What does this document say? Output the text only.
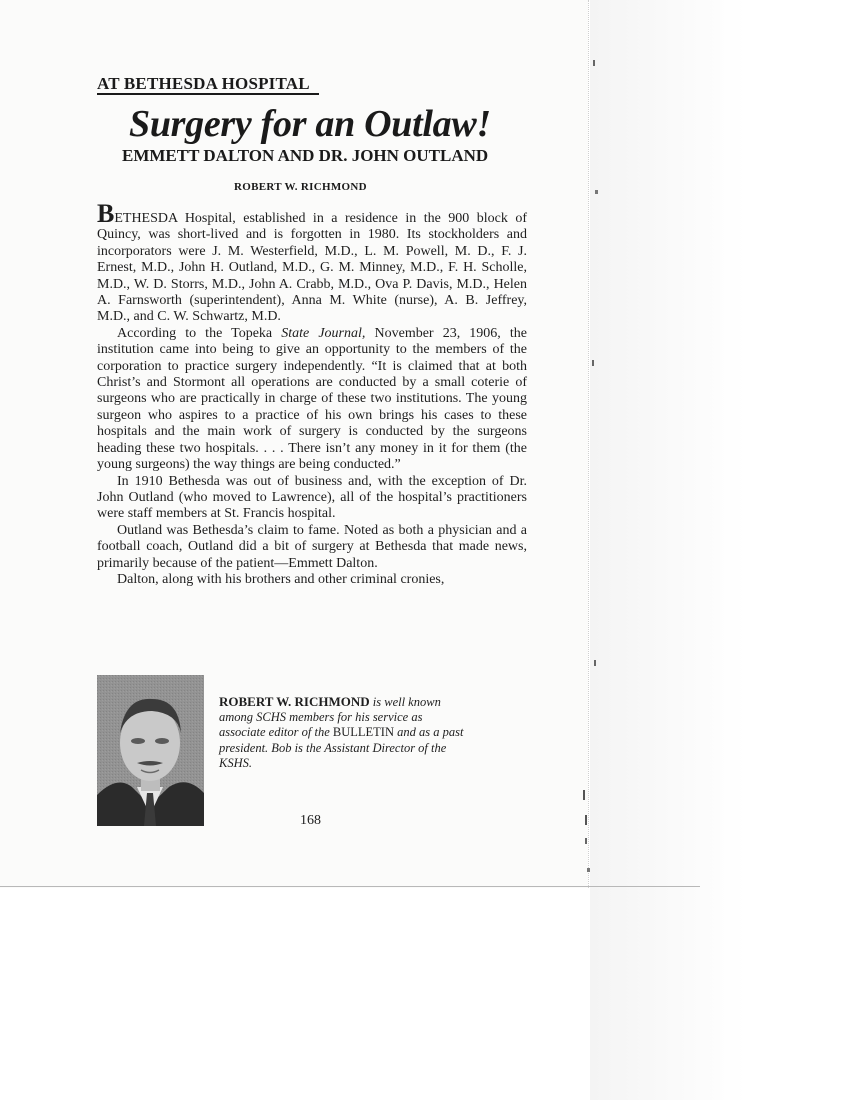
AT BETHESDA HOSPITAL
Surgery for an Outlaw!
EMMETT DALTON AND DR. JOHN OUTLAND

ROBERT W. RICHMOND

BETHESDA Hospital, established in a residence in the 900 block of Quincy, was short-lived and is forgotten in 1980. Its stockholders and incorporators were J. M. Westerfield, M.D., L. M. Powell, M. D., F. J. Ernest, M.D., John H. Outland, M.D., G. M. Minney, M.D., F. H. Scholle, M.D., W. D. Storrs, M.D., John A. Crabb, M.D., Ova P. Davis, M.D., Helen A. Farnsworth (superintendent), Anna M. White (nurse), A. B. Jeffrey, M.D., and C. W. Schwartz, M.D.

According to the Topeka State Journal, November 23, 1906, the institution came into being to give an opportunity to the members of the corporation to practice surgery independently. “It is claimed that at both Christ’s and Stormont all operations are conducted by a small coterie of surgeons who are practically in charge of these two institutions. The young surgeon who aspires to a practice of his own brings his cases to these hospitals and the main work of surgery is conducted by the surgeons heading these two hospitals. . . . There isn’t any money in it for them (the young surgeons) the way things are being conducted.”

In 1910 Bethesda was out of business and, with the exception of Dr. John Outland (who moved to Lawrence), all of the hospital’s practitioners were staff members at St. Francis hospital.

Outland was Bethesda’s claim to fame. Noted as both a physician and a football coach, Outland did a bit of surgery at Bethesda that made news, primarily because of the patient—Emmett Dalton.

Dalton, along with his brothers and other criminal cronies,

ROBERT W. RICHMOND is well known among SCHS members for his service as associate editor of the BULLETIN and as a past president. Bob is the Assistant Director of the KSHS.

168
